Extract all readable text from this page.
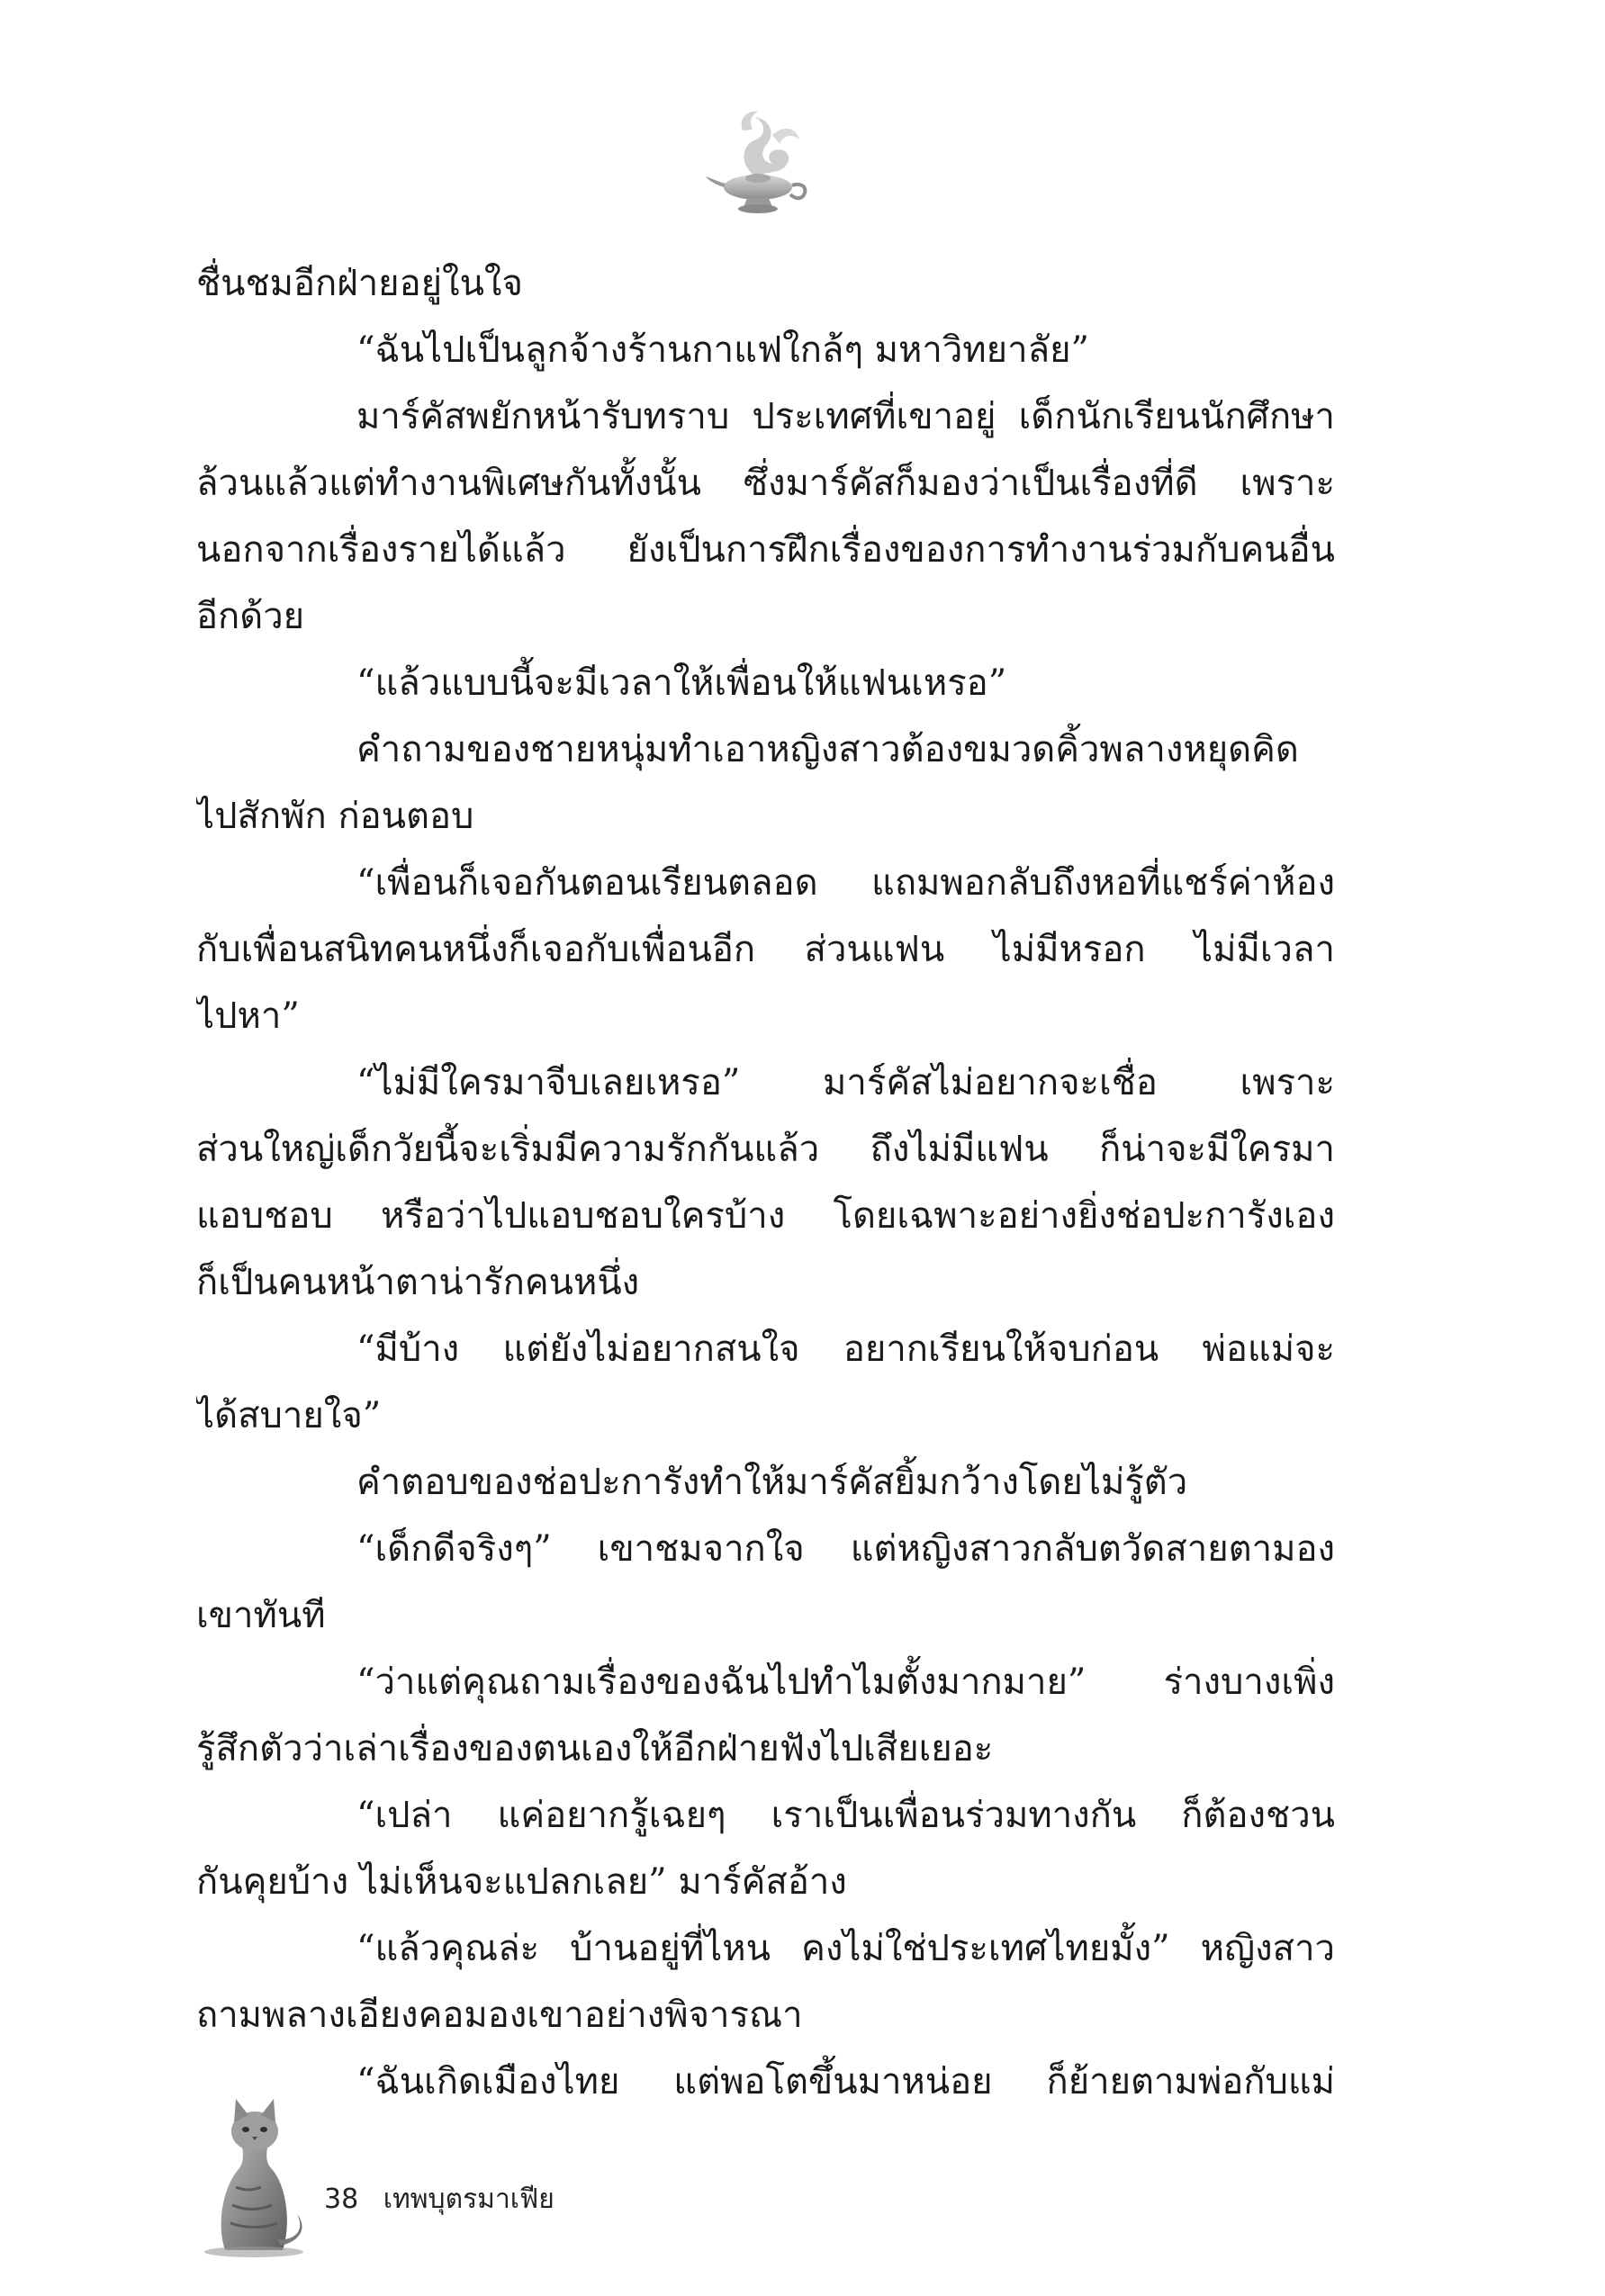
ชื่นชมอีกฝ่ายอยู่ในใจ
“ฉันไปเป็นลูกจ้างร้านกาแฟใกล้ๆ มหาวิทยาลัย”
มาร์คัสพยักหน้ารับทราบ ประเทศที่เขาอยู่ เด็กนักเรียนนักศึกษา
ล้วนแล้วแต่ทำงานพิเศษกันทั้งนั้น ซึ่งมาร์คัสก็มองว่าเป็นเรื่องที่ดี เพราะ
นอกจากเรื่องรายได้แล้ว ยังเป็นการฝึกเรื่องของการทำงานร่วมกับคนอื่น
อีกด้วย
“แล้วแบบนี้จะมีเวลาให้เพื่อนให้แฟนเหรอ”
คำถามของชายหนุ่มทำเอาหญิงสาวต้องขมวดคิ้วพลางหยุดคิด
ไปสักพัก ก่อนตอบ
“เพื่อนก็เจอกันตอนเรียนตลอด แถมพอกลับถึงหอที่แชร์ค่าห้อง
กับเพื่อนสนิทคนหนึ่งก็เจอกับเพื่อนอีก ส่วนแฟน ไม่มีหรอก ไม่มีเวลา
ไปหา”
“ไม่มีใครมาจีบเลยเหรอ” มาร์คัสไม่อยากจะเชื่อ เพราะ
ส่วนใหญ่เด็กวัยนี้จะเริ่มมีความรักกันแล้ว ถึงไม่มีแฟน ก็น่าจะมีใครมา
แอบชอบ หรือว่าไปแอบชอบใครบ้าง โดยเฉพาะอย่างยิ่งช่อปะการังเอง
ก็เป็นคนหน้าตาน่ารักคนหนึ่ง
“มีบ้าง แต่ยังไม่อยากสนใจ อยากเรียนให้จบก่อน พ่อแม่จะ
ได้สบายใจ”
คำตอบของช่อปะการังทำให้มาร์คัสยิ้มกว้างโดยไม่รู้ตัว
“เด็กดีจริงๆ” เขาชมจากใจ แต่หญิงสาวกลับตวัดสายตามอง
เขาทันที
“ว่าแต่คุณถามเรื่องของฉันไปทำไมตั้งมากมาย” ร่างบางเพิ่ง
รู้สึกตัวว่าเล่าเรื่องของตนเองให้อีกฝ่ายฟังไปเสียเยอะ
“เปล่า แค่อยากรู้เฉยๆ เราเป็นเพื่อนร่วมทางกัน ก็ต้องชวน
กันคุยบ้าง ไม่เห็นจะแปลกเลย” มาร์คัสอ้าง
“แล้วคุณล่ะ บ้านอยู่ที่ไหน คงไม่ใช่ประเทศไทยมั้ง” หญิงสาว
ถามพลางเอียงคอมองเขาอย่างพิจารณา
“ฉันเกิดเมืองไทย แต่พอโตขึ้นมาหน่อย ก็ย้ายตามพ่อกับแม่
38 เทพบุตรมาเฟีย
